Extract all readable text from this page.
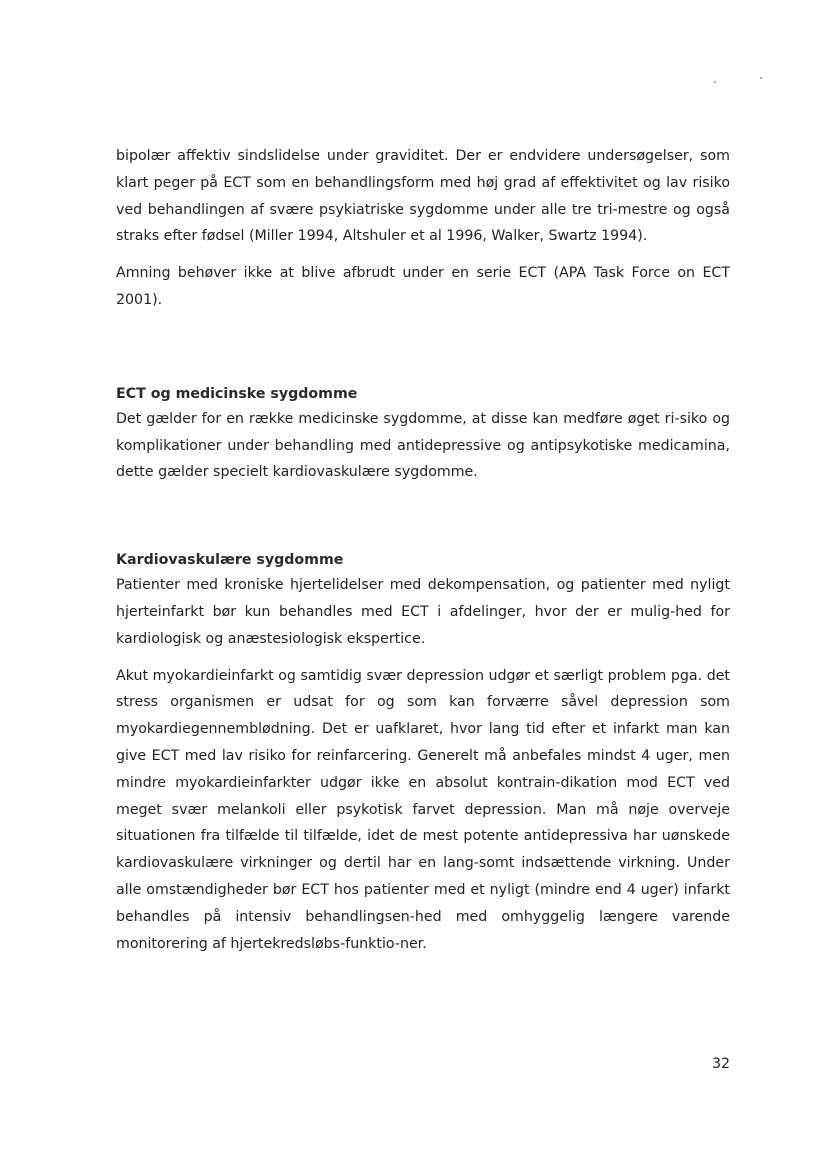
bipolær affektiv sindslidelse under graviditet. Der er endvidere undersøgelser, som klart peger på ECT som en behandlingsform med høj grad af effektivitet og lav risiko ved behandlingen af svære psykiatriske sygdomme under alle tre tri-mestre og også straks efter fødsel (Miller 1994, Altshuler et al 1996, Walker, Swartz 1994).

Amning behøver ikke at blive afbrudt under en serie ECT (APA Task Force on ECT 2001).

ECT og medicinske sygdomme

Det gælder for en række medicinske sygdomme, at disse kan medføre øget ri-siko og komplikationer under behandling med antidepressive og antipsykotiske medicamina, dette gælder specielt kardiovaskulære sygdomme.

Kardiovaskulære sygdomme

Patienter med kroniske hjertelidelser med dekompensation, og patienter med nyligt hjerteinfarkt bør kun behandles med ECT i afdelinger, hvor der er mulig-hed for kardiologisk og anæstesiologisk ekspertice.

Akut myokardieinfarkt og samtidig svær depression udgør et særligt problem pga. det stress organismen er udsat for og som kan forværre såvel depression som myokardiegennemblødning. Det er uafklaret, hvor lang tid efter et infarkt man kan give ECT med lav risiko for reinfarcering. Generelt må anbefales mindst 4 uger, men mindre myokardieinfarkter udgør ikke en absolut kontrain-dikation mod ECT ved meget svær melankoli eller psykotisk farvet depression. Man må nøje overveje situationen fra tilfælde til tilfælde, idet de mest potente antidepressiva har uønskede kardiovaskulære virkninger og dertil har en lang-somt indsættende virkning. Under alle omstændigheder bør ECT hos patienter med et nyligt (mindre end 4 uger) infarkt behandles på intensiv behandlingsen-hed med omhyggelig længere varende monitorering af hjertekredsløbs-funktio-ner.

32
